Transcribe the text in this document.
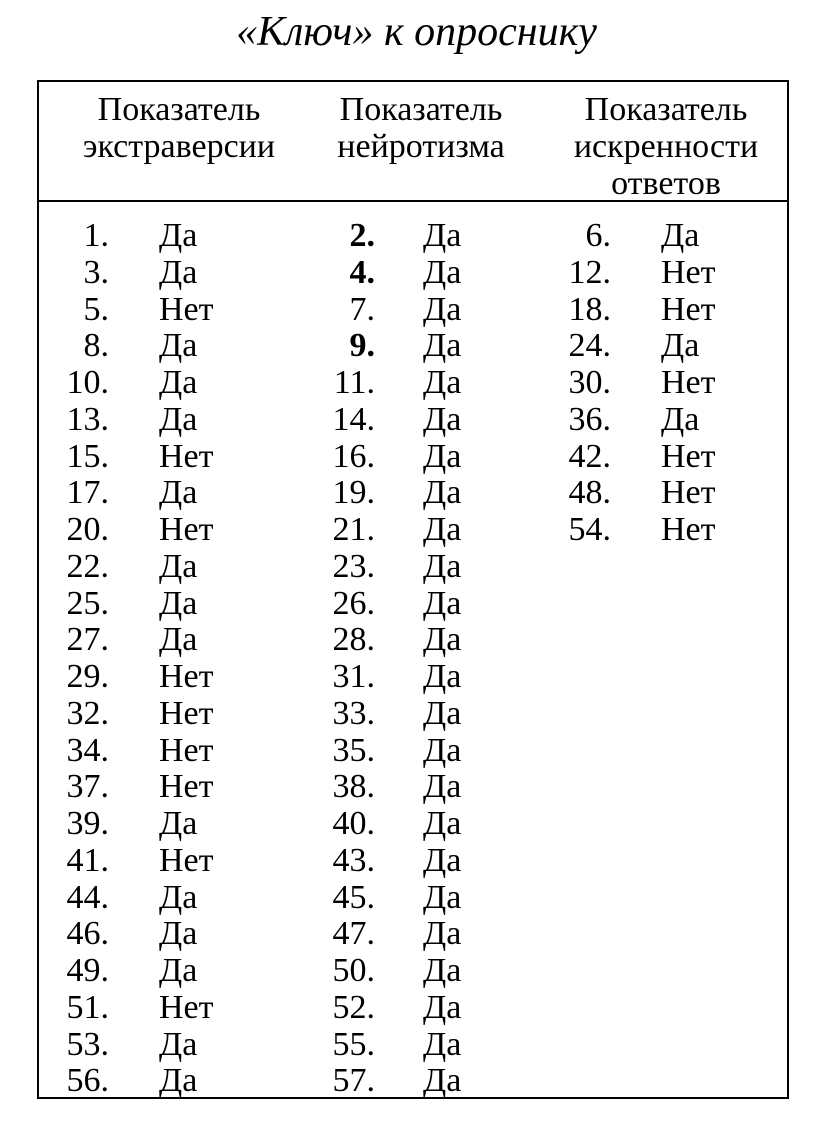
«Ключ» к опроснику
Показатель
экстраверсии
Показатель
нейротизма
Показатель
искренности
ответов
1. Да
3. Да
5. Нет
8. Да
10. Да
13. Да
15. Нет
17. Да
20. Нет
22. Да
25. Да
27. Да
29. Нет
32. Нет
34. Нет
37. Нет
39. Да
41. Нет
44. Да
46. Да
49. Да
51. Нет
53. Да
56. Да
2. Да
4. Да
7. Да
9. Да
11. Да
14. Да
16. Да
19. Да
21. Да
23. Да
26. Да
28. Да
31. Да
33. Да
35. Да
38. Да
40. Да
43. Да
45. Да
47. Да
50. Да
52. Да
55. Да
57. Да
6. Да
12. Нет
18. Нет
24. Да
30. Нет
36. Да
42. Нет
48. Нет
54. Нет
